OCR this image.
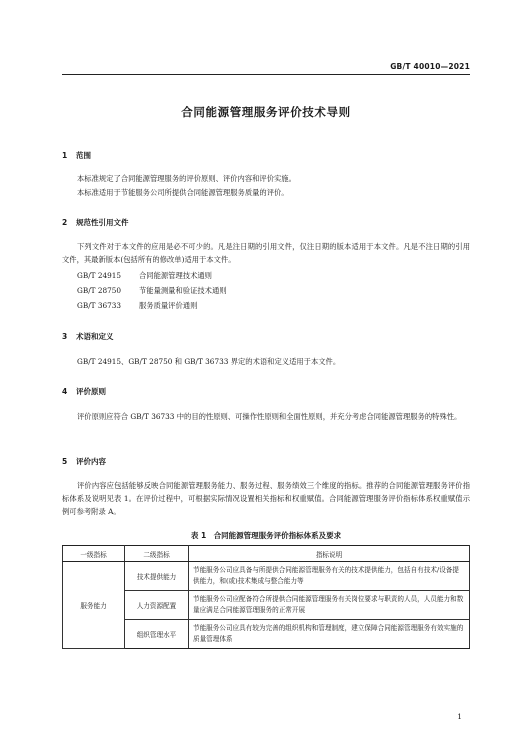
GB/T 40010—2021
合同能源管理服务评价技术导则
1 范围
本标准规定了合同能源管理服务的评价原则、评价内容和评价实施。
本标准适用于节能服务公司所提供合同能源管理服务质量的评价。
2 规范性引用文件
下列文件对于本文件的应用是必不可少的。凡是注日期的引用文件，仅注日期的版本适用于本文件。凡是不注日期的引用文件，其最新版本(包括所有的修改单)适用于本文件。
GB/T 24915 合同能源管理技术通则
GB/T 28750 节能量测量和验证技术通则
GB/T 36733 服务质量评价通则
3 术语和定义
GB/T 24915、GB/T 28750 和 GB/T 36733 界定的术语和定义适用于本文件。
4 评价原则
评价原则应符合 GB/T 36733 中的目的性原则、可操作性原则和全面性原则，并充分考虑合同能源管理服务的特殊性。
5 评价内容
评价内容应包括能够反映合同能源管理服务能力、服务过程、服务绩效三个维度的指标。推荐的合同能源管理服务评价指标体系及说明见表 1。在评价过程中，可根据实际情况设置相关指标和权重赋值。合同能源管理服务评价指标体系权重赋值示例可参考附录 A。
表 1　合同能源管理服务评价指标体系及要求
一级指标	二级指标	指标说明
服务能力	技术提供能力	节能服务公司应具备与所提供合同能源管理服务有关的技术提供能力，包括自有技术/设备提供能力，和(或)技术集成与整合能力等
	人力资源配置	节能服务公司应配备符合所提供合同能源管理服务有关岗位要求与职责的人员，人员能力和数量应满足合同能源管理服务的正常开展
	组织管理水平	节能服务公司应具有较为完善的组织机构和管理制度，建立保障合同能源管理服务有效实施的质量管理体系
1
